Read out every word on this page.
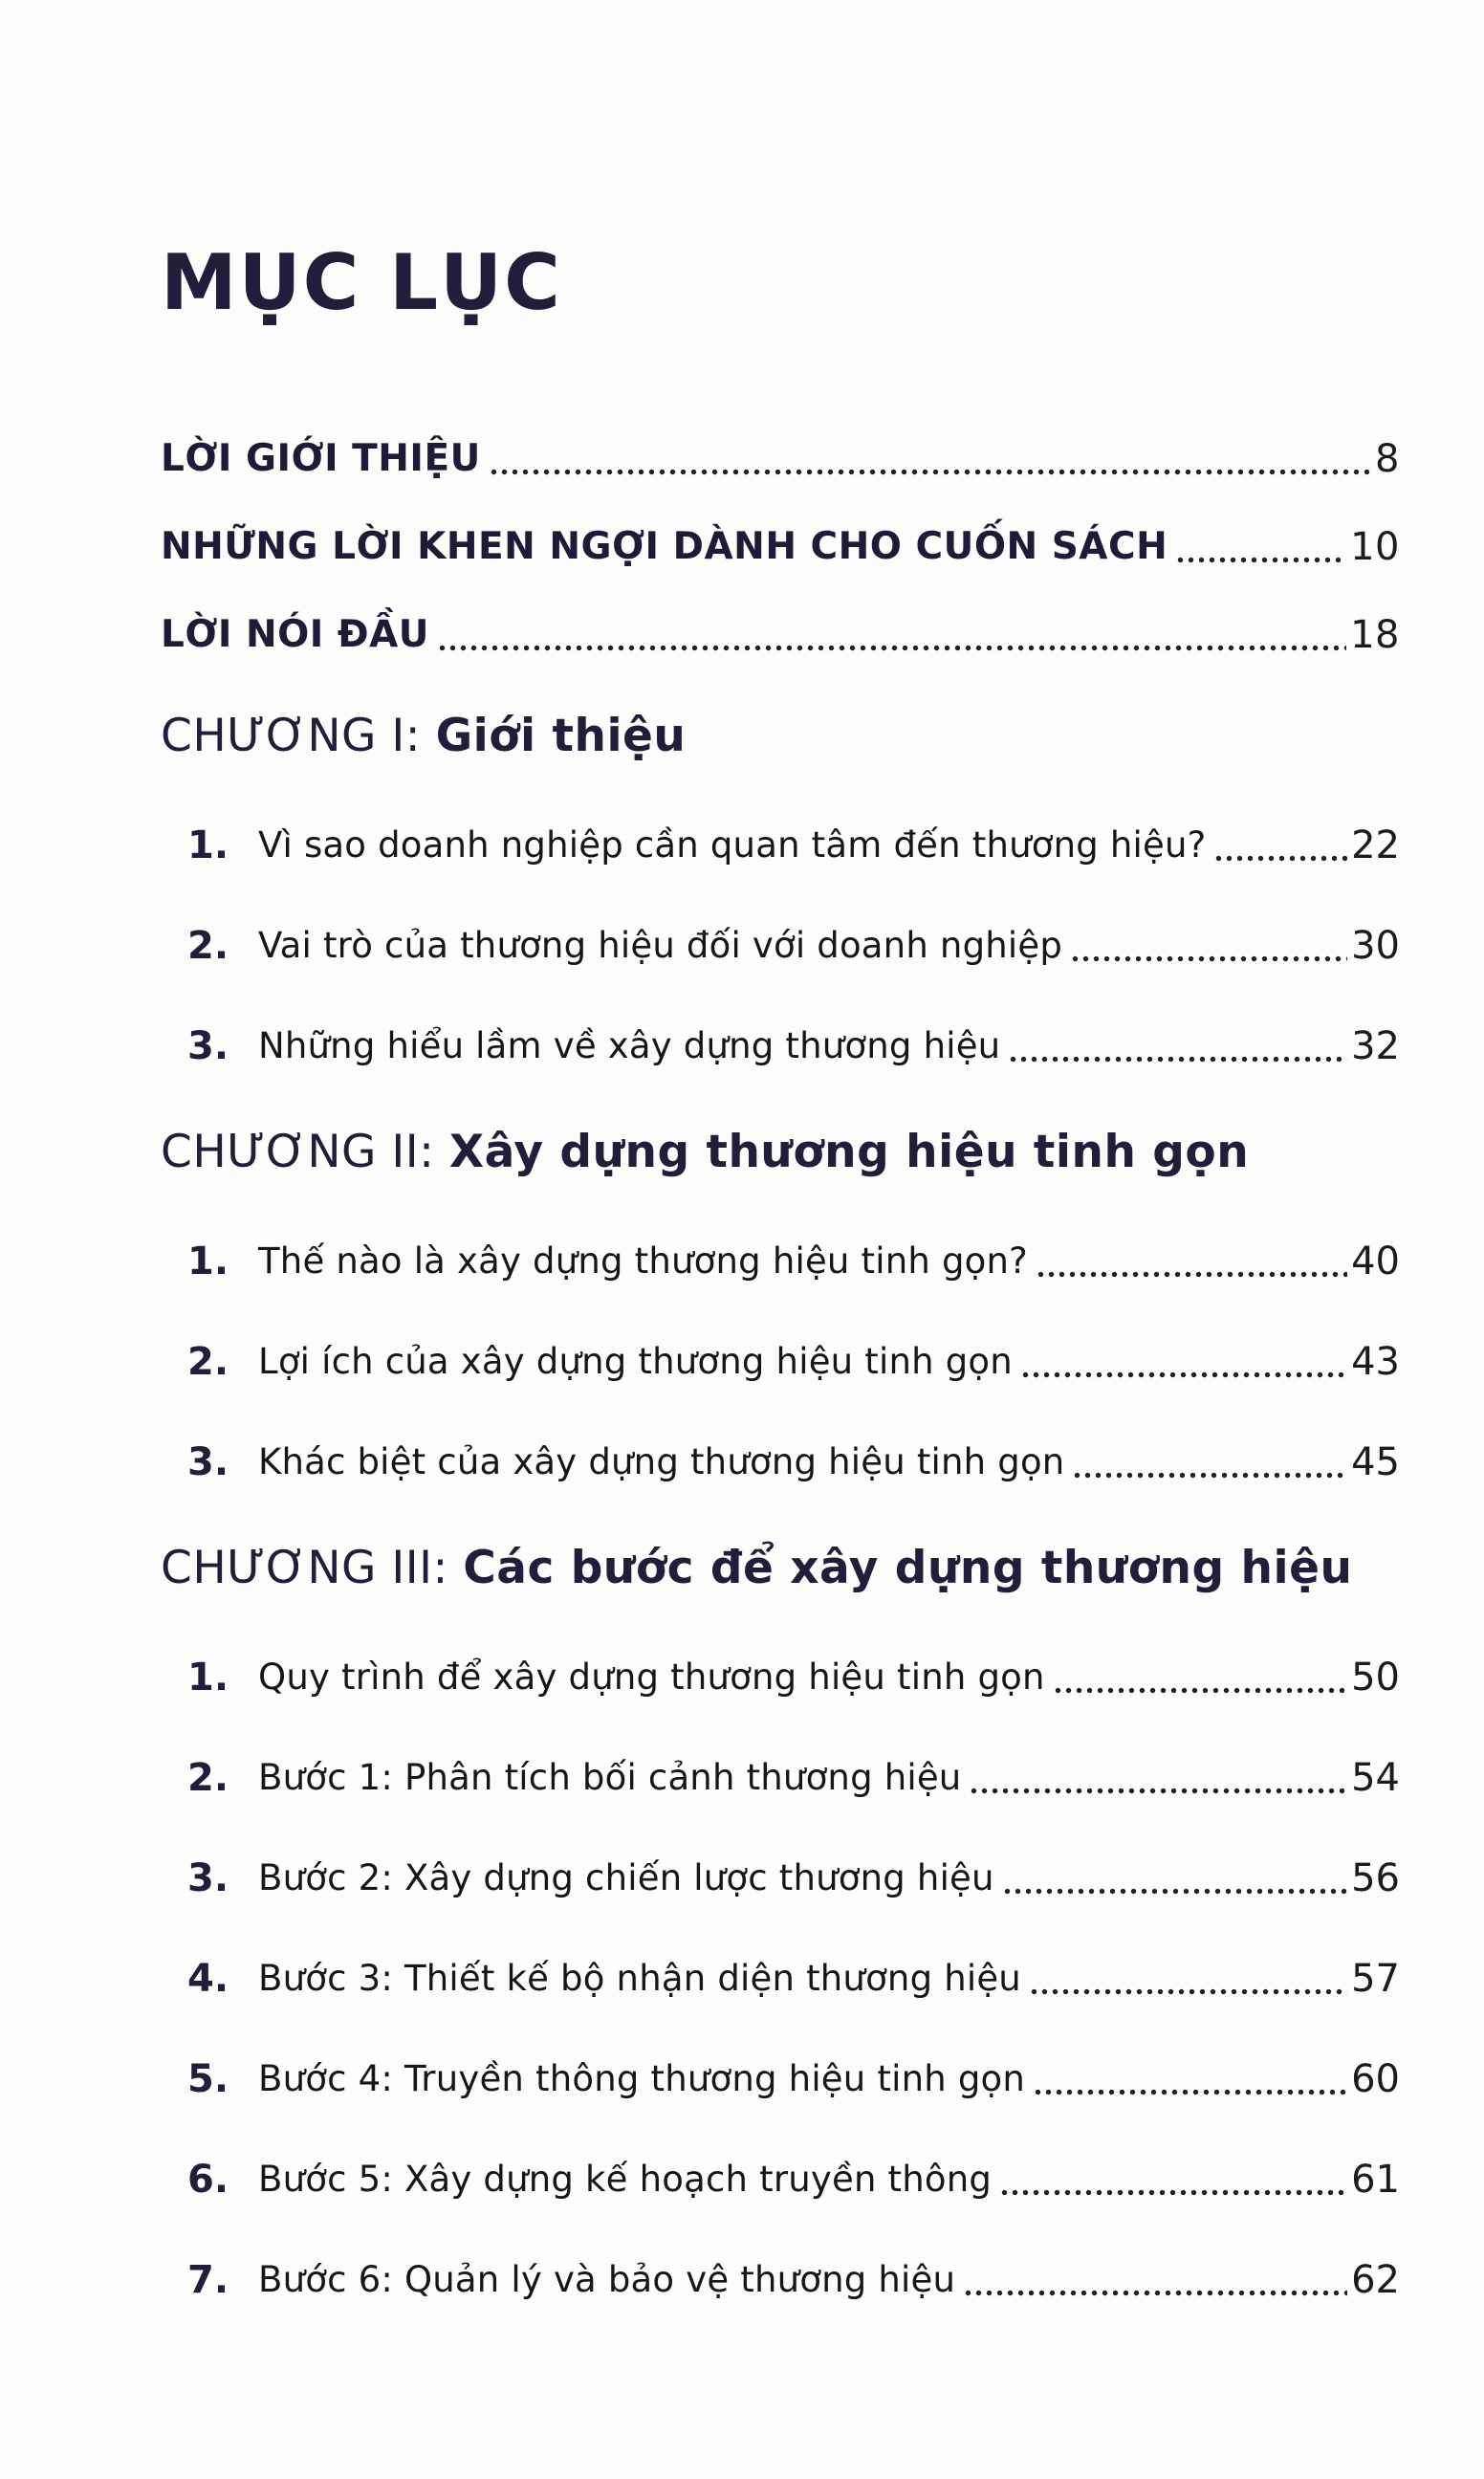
MỤC LỤC
LỜI GIỚI THIỆU	8
NHỮNG LỜI KHEN NGỢI DÀNH CHO CUỐN SÁCH	10
LỜI NÓI ĐẦU	18
CHƯƠNG I: Giới thiệu
1. Vì sao doanh nghiệp cần quan tâm đến thương hiệu?	22
2. Vai trò của thương hiệu đối với doanh nghiệp	30
3. Những hiểu lầm về xây dựng thương hiệu	32
CHƯƠNG II: Xây dựng thương hiệu tinh gọn
1. Thế nào là xây dựng thương hiệu tinh gọn?	40
2. Lợi ích của xây dựng thương hiệu tinh gọn	43
3. Khác biệt của xây dựng thương hiệu tinh gọn	45
CHƯƠNG III: Các bước để xây dựng thương hiệu
1. Quy trình để xây dựng thương hiệu tinh gọn	50
2. Bước 1: Phân tích bối cảnh thương hiệu	54
3. Bước 2: Xây dựng chiến lược thương hiệu	56
4. Bước 3: Thiết kế bộ nhận diện thương hiệu	57
5. Bước 4: Truyền thông thương hiệu tinh gọn	60
6. Bước 5: Xây dựng kế hoạch truyền thông	61
7. Bước 6: Quản lý và bảo vệ thương hiệu	62
